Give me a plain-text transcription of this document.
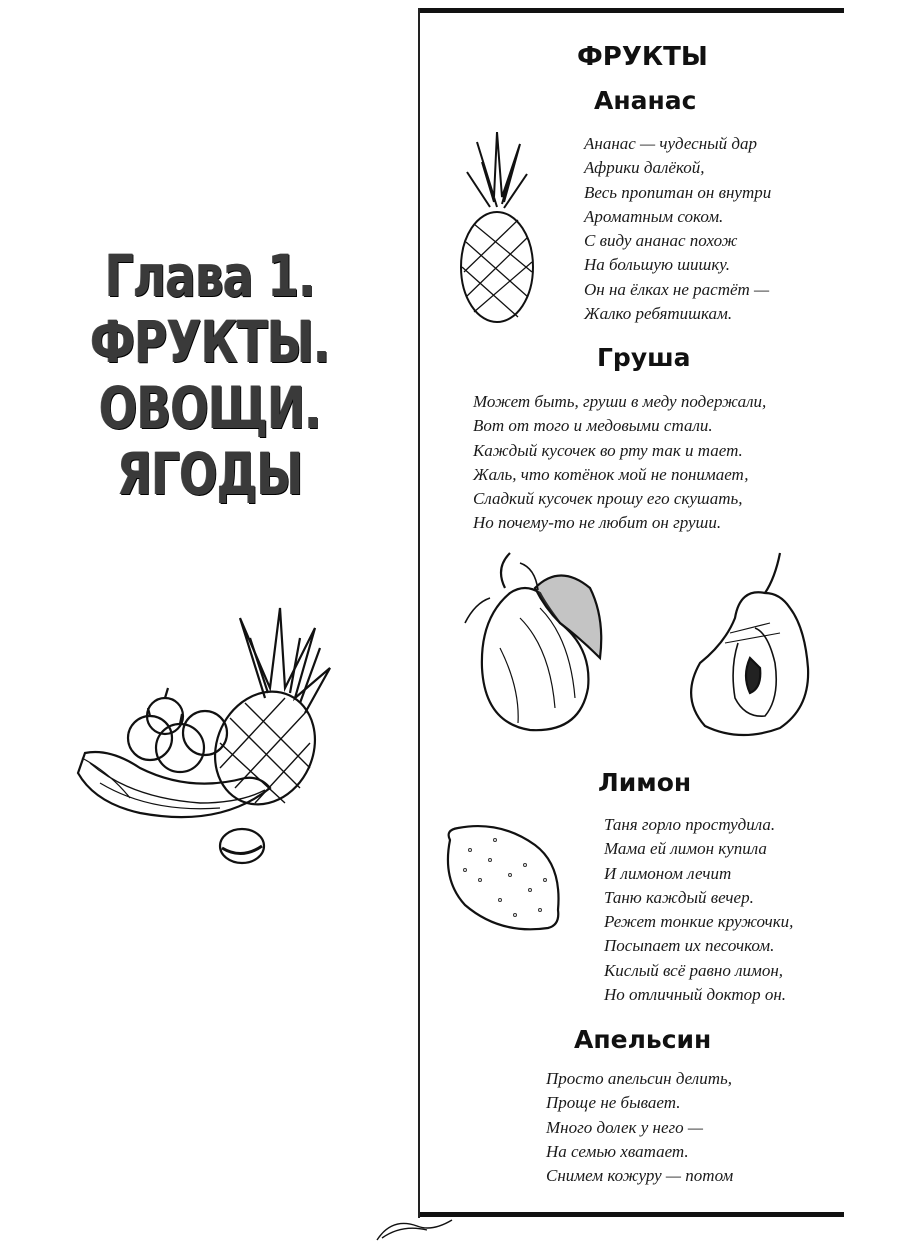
Глава 1.
ФРУКТЫ. ОВОЩИ.
ЯГОДЫ
ФРУКТЫ
Ананас
Ананас — чудесный дар
Африки далёкой,
Весь пропитан он внутри
Ароматным соком.
С виду ананас похож
На большую шишку.
Он на ёлках не растёт —
Жалко ребятишкам.
Груша
Может быть, груши в меду подержали,
Вот от того и медовыми стали.
Каждый кусочек во рту так и тает.
Жаль, что котёнок мой не понимает,
Сладкий кусочек прошу его скушать,
Но почему-то не любит он груши.
Лимон
Таня горло простудила.
Мама ей лимон купила
И лимоном лечит
Таню каждый вечер.
Режет тонкие кружочки,
Посыпает их песочком.
Кислый всё равно лимон,
Но отличный доктор он.
Апельсин
Просто апельсин делить,
Проще не бывает.
Много долек у него —
На семью хватает.
Снимем кожуру — потом
